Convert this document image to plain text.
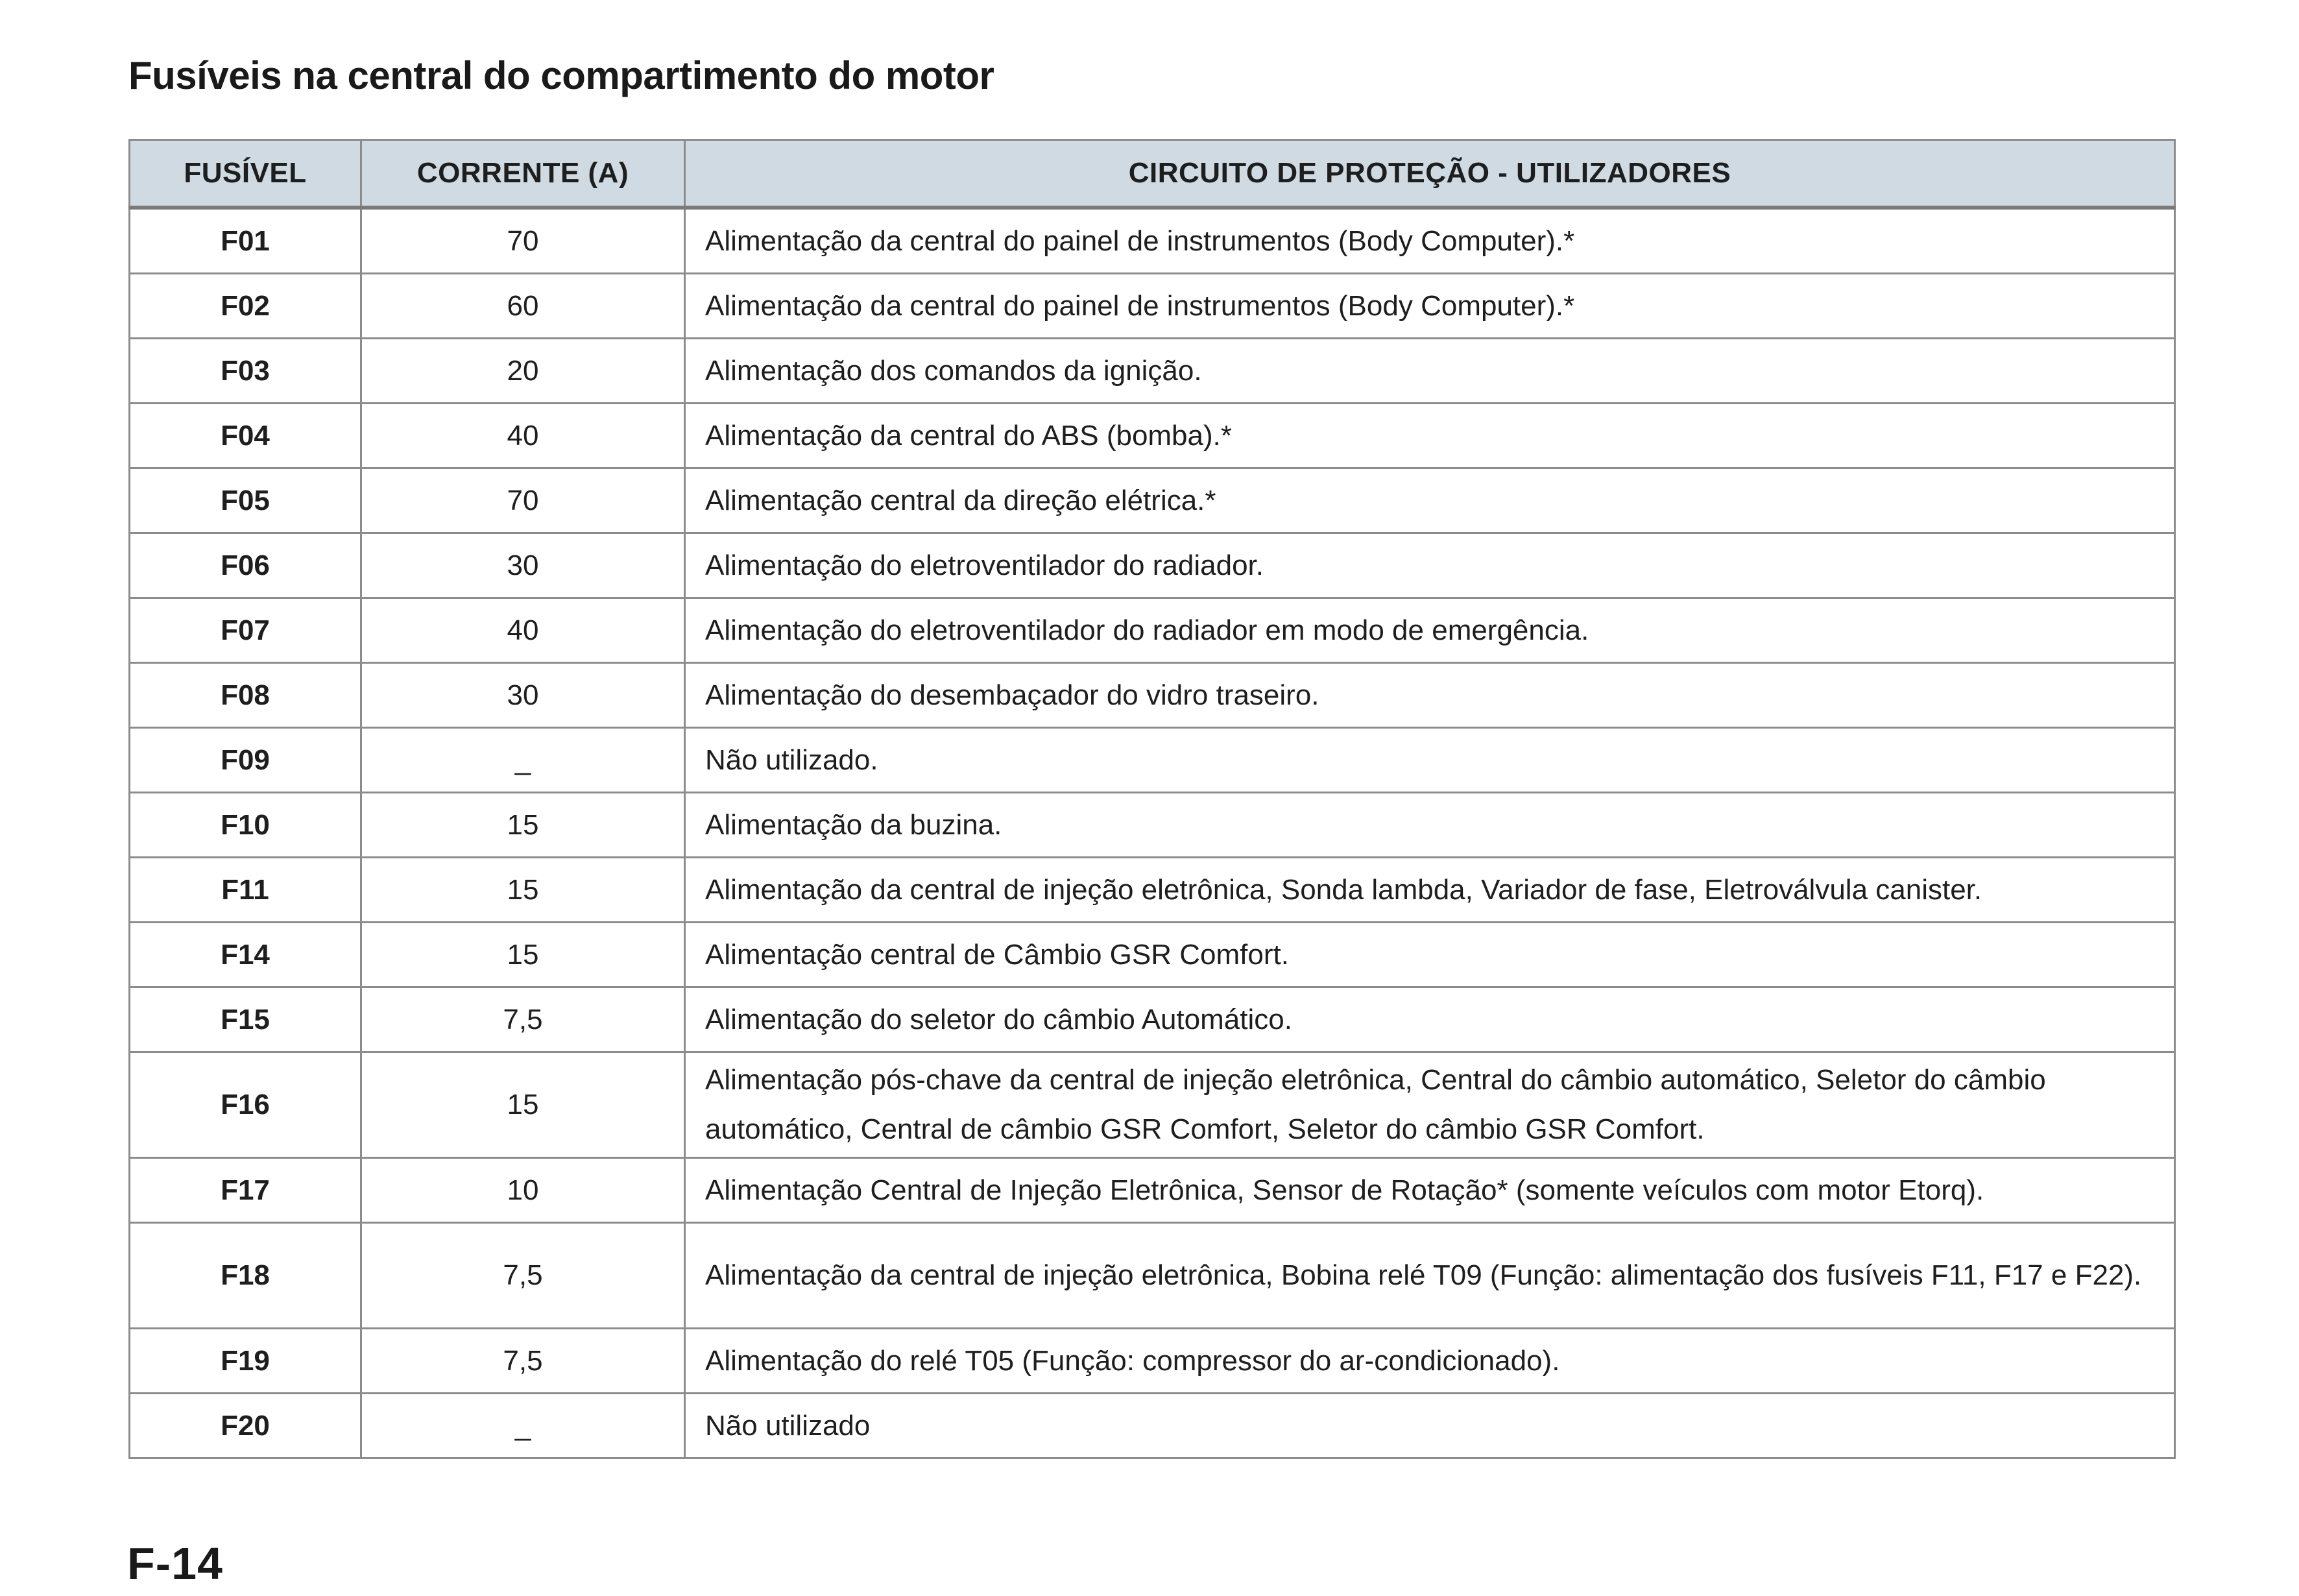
Fusíveis na central do compartimento do motor
FUSÍVEL	CORRENTE (A)	CIRCUITO DE PROTEÇÃO - UTILIZADORES
F01	70	Alimentação da central do painel de instrumentos (Body Computer).*
F02	60	Alimentação da central do painel de instrumentos (Body Computer).*
F03	20	Alimentação dos comandos da ignição.
F04	40	Alimentação da central do ABS (bomba).*
F05	70	Alimentação central da direção elétrica.*
F06	30	Alimentação do eletroventilador do radiador.
F07	40	Alimentação do eletroventilador do radiador em modo de emergência.
F08	30	Alimentação do desembaçador do vidro traseiro.
F09	_	Não utilizado.
F10	15	Alimentação da buzina.
F11	15	Alimentação da central de injeção eletrônica, Sonda lambda, Variador de fase, Eletroválvula canister.
F14	15	Alimentação central de Câmbio GSR Comfort.
F15	7,5	Alimentação do seletor do câmbio Automático.
F16	15	Alimentação pós-chave da central de injeção eletrônica, Central do câmbio automático, Seletor do câmbio automático, Central de câmbio GSR Comfort, Seletor do câmbio GSR Comfort.
F17	10	Alimentação Central de Injeção Eletrônica, Sensor de Rotação* (somente veículos com motor Etorq).
F18	7,5	Alimentação da central de injeção eletrônica, Bobina relé T09 (Função: alimentação dos fusíveis F11, F17 e F22).
F19	7,5	Alimentação do relé T05 (Função: compressor do ar-condicionado).
F20	_	Não utilizado
F-14
